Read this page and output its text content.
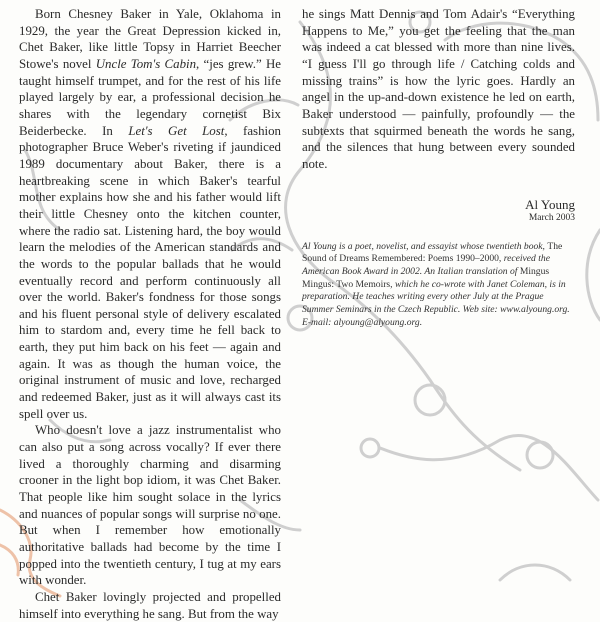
Born Chesney Baker in Yale, Oklahoma in 1929, the year the Great Depression kicked in, Chet Baker, like little Topsy in Harriet Beecher Stowe's novel Uncle Tom's Cabin, “jes grew.” He taught himself trumpet, and for the rest of his life played largely by ear, a professional decision he shares with the legendary cornetist Bix Beiderbecke. In Let's Get Lost, fashion photographer Bruce Weber's riveting if jaundiced 1989 documentary about Baker, there is a heartbreaking scene in which Baker's tearful mother explains how she and his father would lift their little Chesney onto the kitchen counter, where the radio sat. Listening hard, the boy would learn the melodies of the American standards and the words to the popular ballads that he would eventually record and perform continuously all over the world. Baker's fondness for those songs and his fluent personal style of delivery escalated him to stardom and, every time he fell back to earth, they put him back on his feet — again and again. It was as though the human voice, the original instrument of music and love, recharged and redeemed Baker, just as it will always cast its spell over us.

Who doesn't love a jazz instrumentalist who can also put a song across vocally? If ever there lived a thoroughly charming and disarming crooner in the light bop idiom, it was Chet Baker. That people like him sought solace in the lyrics and nuances of popular songs will surprise no one. But when I remember how emotionally authoritative ballads had become by the time I popped into the twentieth century, I tug at my ears with wonder.

Chet Baker lovingly projected and propelled himself into everything he sang. But from the way

he sings Matt Dennis and Tom Adair's “Everything Happens to Me,” you get the feeling that the man was indeed a cat blessed with more than nine lives. “I guess I'll go through life / Catching colds and missing trains” is how the lyric goes. Hardly an angel in the up-and-down existence he led on earth, Baker understood — painfully, profoundly — the subtexts that squirmed beneath the words he sang, and the silences that hung between every sounded note.

Al Young
March 2003
Al Young is a poet, novelist, and essayist whose twentieth book, The Sound of Dreams Remembered: Poems 1990–2000, received the American Book Award in 2002. An Italian translation of Mingus Mingus: Two Memoirs, which he co-wrote with Janet Coleman, is in preparation. He teaches writing every other July at the Prague Summer Seminars in the Czech Republic. Web site: www.alyoung.org. E-mail: alyoung@alyoung.org.
